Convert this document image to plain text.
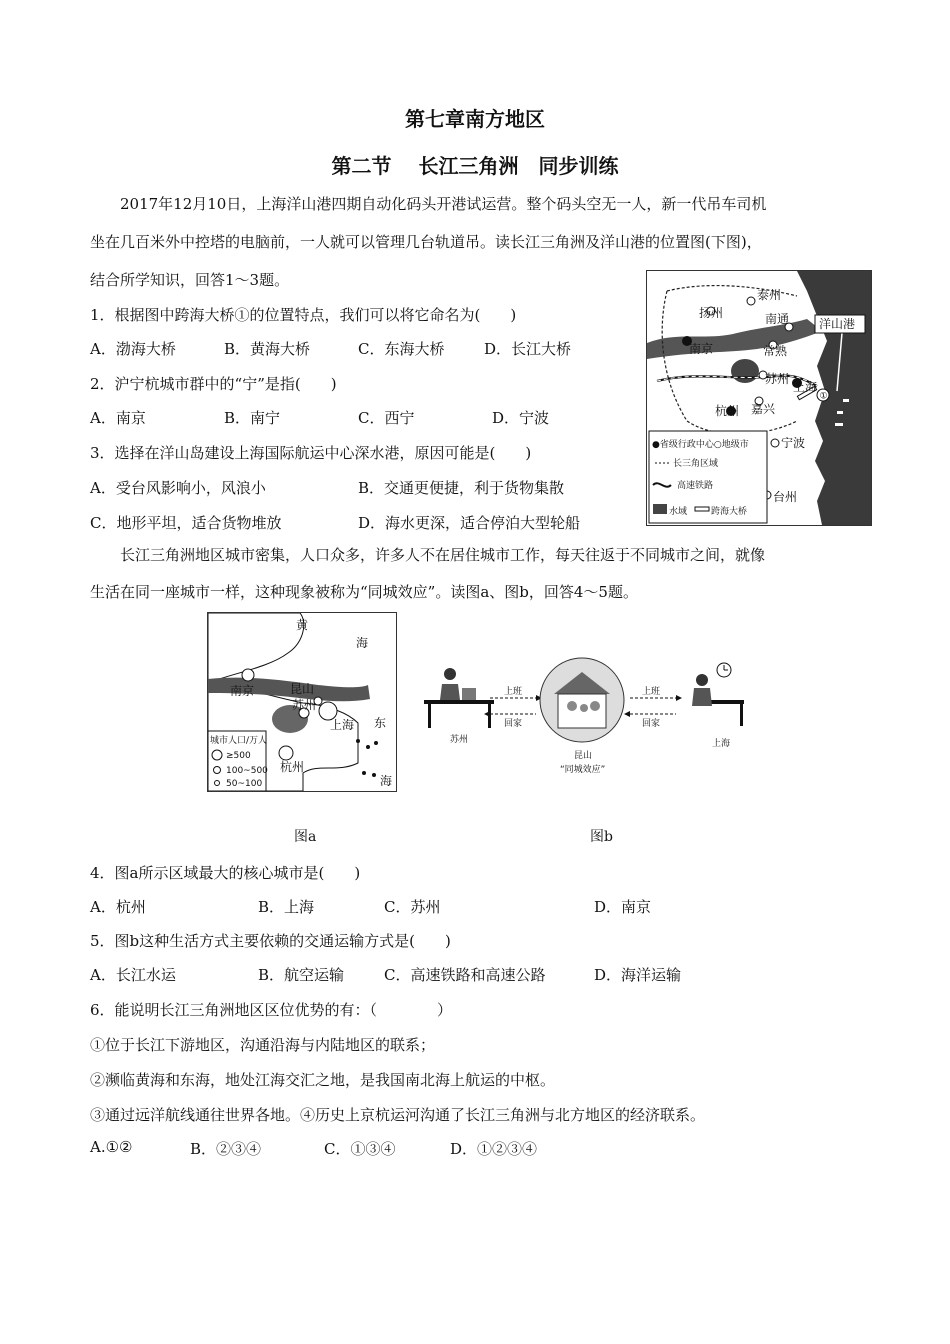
第七章南方地区
第二节　 长江三角洲　同步训练
2017年12月10日，上海洋山港四期自动化码头开港试运营。整个码头空无一人，新一代吊车司机
坐在几百米外中控塔的电脑前，一人就可以管理几台轨道吊。读长江三角洲及洋山港的位置图(下图)，
结合所学知识，回答1～3题。
1．根据图中跨海大桥①的位置特点，我们可以将它命名为(　　)
A．渤海大桥	B．黄海大桥	C．东海大桥	D．长江大桥
2．沪宁杭城市群中的“宁”是指(　　)
A．南京	B．南宁	C．西宁	D．宁波
3．选择在洋山岛建设上海国际航运中心深水港，原因可能是(　　)
A．受台风影响小，风浪小	B．交通更便捷，利于货物集散
C．地形平坦，适合货物堆放	D．海水更深，适合停泊大型轮船
泰州
扬州	南通
南京	常熟
苏州
上海
嘉兴
杭州
宁波
台州
洋山港
①
●省级行政中心○地级市
长三角区域
高速铁路
水域	跨海大桥
长江三角洲地区城市密集，人口众多，许多人不在居住城市工作，每天往返于不同城市之间，就像
生活在同一座城市一样，这种现象被称为“同城效应”。读图a、图b，回答4～5题。
黄
海
南京	昆山
苏州
上海 东
杭州
海
城市人口/万人
≥500
100~500
50~100
苏州
上班
回家
昆山
“同城效应”
上班
回家
上海
图a	图b
4．图a所示区域最大的核心城市是(　　)
A．杭州	B．上海	C．苏州	D．南京
5．图b这种生活方式主要依赖的交通运输方式是(　　)
A．长江水运	B．航空运输	C．高速铁路和高速公路	D．海洋运输
6．能说明长江三角洲地区区位优势的有：（　　　　）
①位于长江下游地区，沟通沿海与内陆地区的联系；
②濒临黄海和东海，地处江海交汇之地，是我国南北海上航运的中枢。
③通过远洋航线通往世界各地。④历史上京杭运河沟通了长江三角洲与北方地区的经济联系。
A.①②	B．②③④	C．①③④	D．①②③④
